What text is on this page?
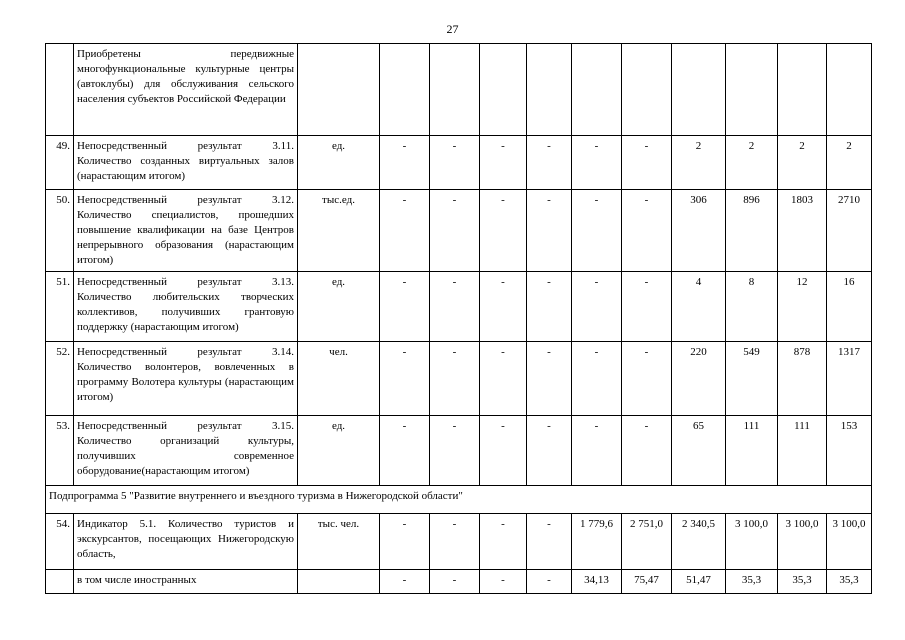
27
	Приобретены передвижные многофункциональные культурные центры (автоклубы) для обслуживания сельского населения субъектов Российской Федерации											
49.	Непосредственный результат 3.11. Количество созданных виртуальных залов (нарастающим итогом)	ед.	-	-	-	-	-	-	2	2	2	2
50.	Непосредственный результат 3.12. Количество специалистов, прошедших повышение квалификации на базе Центров непрерывного образования (нарастающим итогом)	тыс.ед.	-	-	-	-	-	-	306	896	1803	2710
51.	Непосредственный результат 3.13. Количество любительских творческих коллективов, получивших грантовую поддержку (нарастающим итогом)	ед.	-	-	-	-	-	-	4	8	12	16
52.	Непосредственный результат 3.14. Количество волонтеров, вовлеченных в программу Волотера культуры (нарастающим итогом)	чел.	-	-	-	-	-	-	220	549	878	1317
53.	Непосредственный результат 3.15. Количество организаций культуры, получивших современное оборудование(нарастающим итогом)	ед.	-	-	-	-	-	-	65	111	111	153
Подпрограмма 5 "Развитие внутреннего и въездного туризма в Нижегородской области"												
54.	Индикатор 5.1. Количество туристов и экскурсантов, посещающих Нижегородскую область,	тыс. чел.	-	-	-	-	1 779,6	2 751,0	2 340,5	3 100,0	3 100,0	3 100,0
	в том числе иностранных		-	-	-	-	34,13	75,47	51,47	35,3	35,3	35,3
